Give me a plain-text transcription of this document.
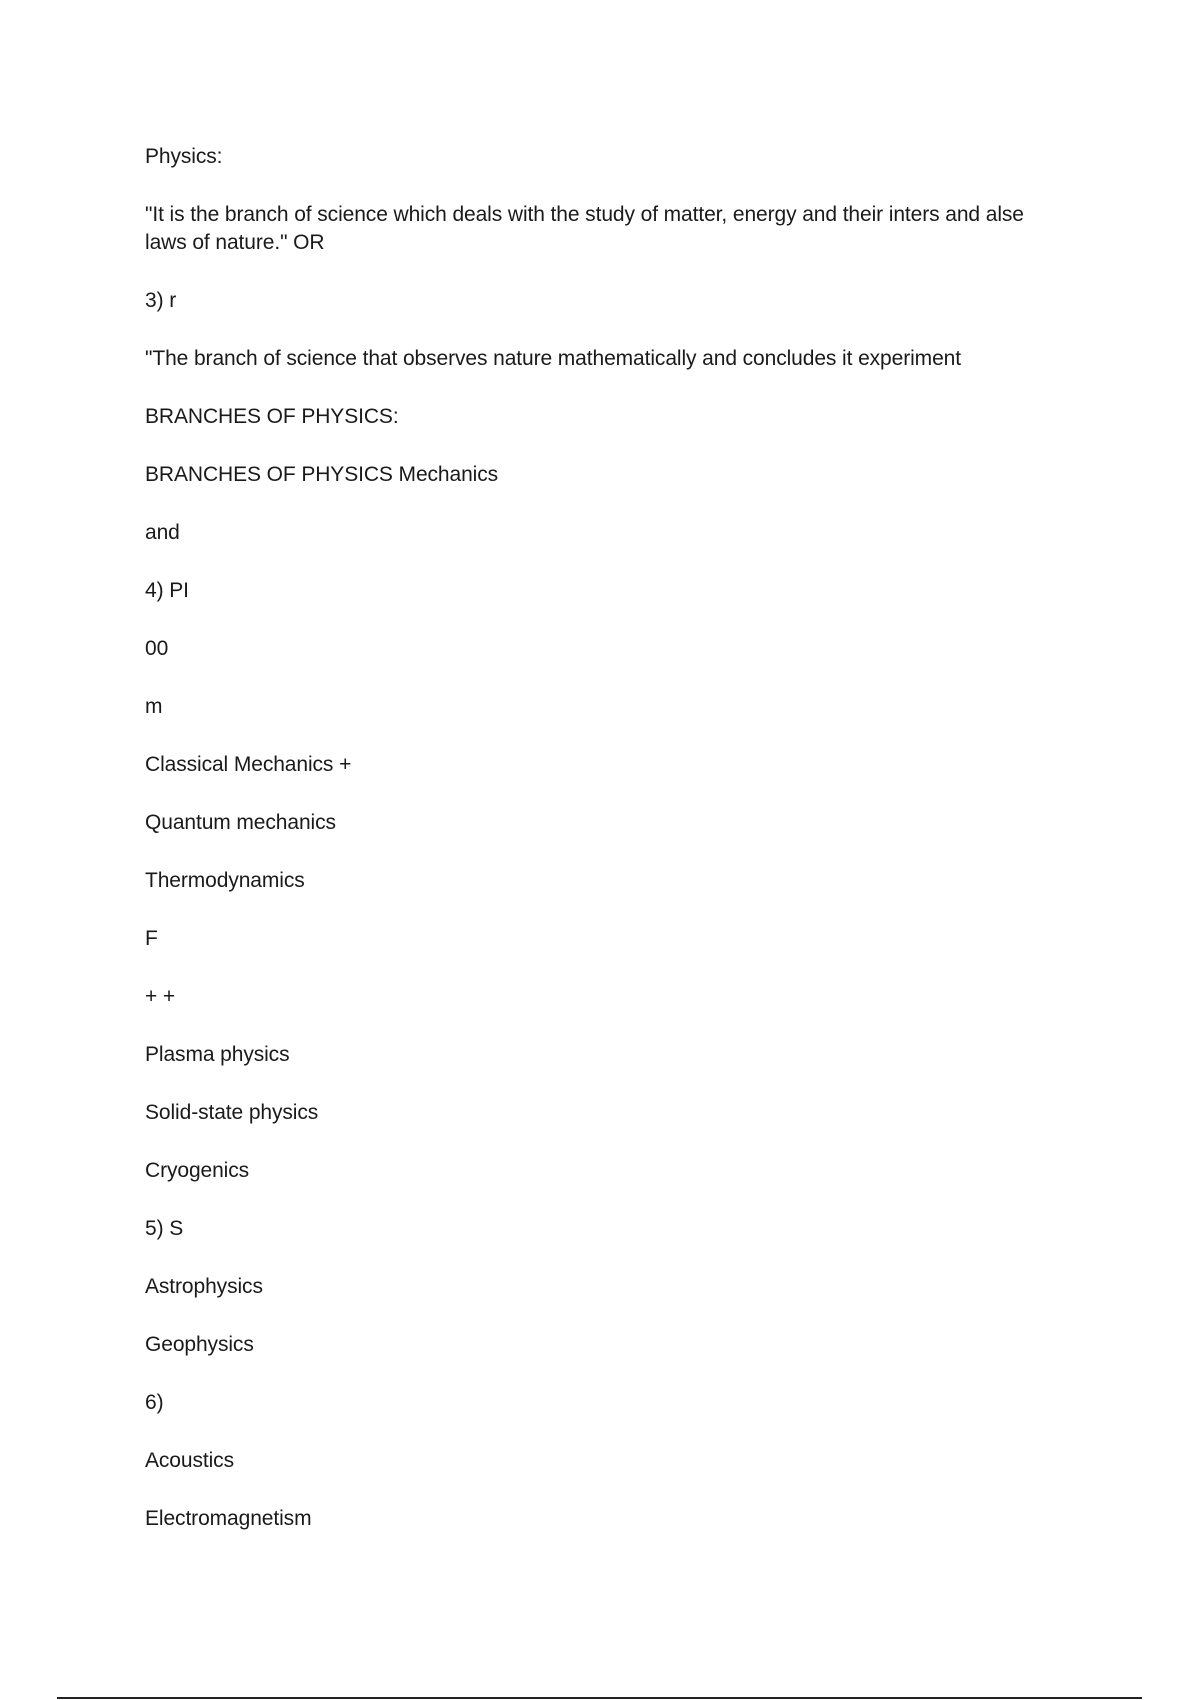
Physics:

"It is the branch of science which deals with the study of matter, energy and their inters and alse laws of nature." OR

3) r

"The branch of science that observes nature mathematically and concludes it experiment

BRANCHES OF PHYSICS:

BRANCHES OF PHYSICS Mechanics

and

4) PI

00

m

Classical Mechanics +

Quantum mechanics

Thermodynamics

F

+ +

Plasma physics

Solid-state physics

Cryogenics

5) S

Astrophysics

Geophysics

6)

Acoustics

Electromagnetism
